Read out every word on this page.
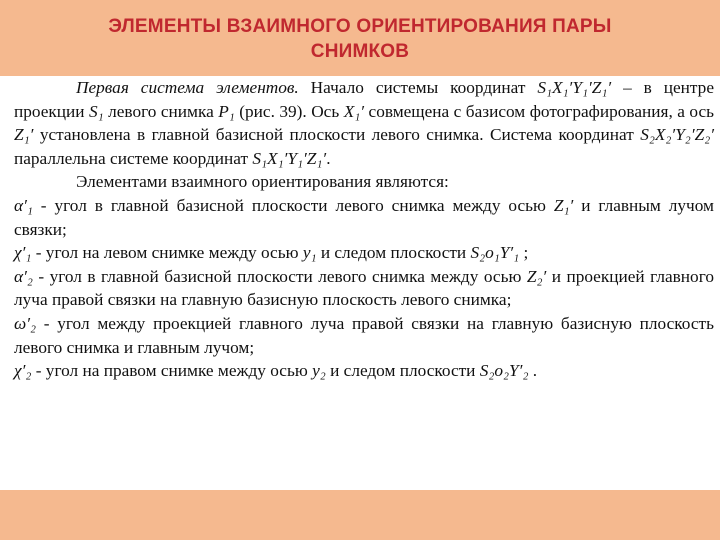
ЭЛЕМЕНТЫ ВЗАИМНОГО ОРИЕНТИРОВАНИЯ ПАРЫ
СНИМКОВ

Первая система элементов. Начало системы координат S₁X₁′Y₁′Z₁′ – в центре проекции S₁ левого снимка P₁ (рис. 39). Ось X₁′ совмещена с базисом фотографирования, а ось Z₁′ установлена в главной базисной плоскости левого снимка. Система координат S₂X₂′Y₂′Z₂′ параллельна системе координат S₁X₁′Y₁′Z₁′.

Элементами взаимного ориентирования являются:

α′₁ - угол в главной базисной плоскости левого снимка между осью Z₁′ и главным лучом связки;

χ′₁ - угол на левом снимке между осью y₁ и следом плоскости S₂o₁Y′₁ ;

α′₂ - угол в главной базисной плоскости левого снимка между осью Z₂′ и проекцией главного луча правой связки на главную базисную плоскость левого снимка;

ω′₂ - угол между проекцией главного луча правой связки на главную базисную плоскость левого снимка и главным лучом;

χ′₂ - угол на правом снимке между осью y₂ и следом плоскости S₂o₂Y′₂ .
